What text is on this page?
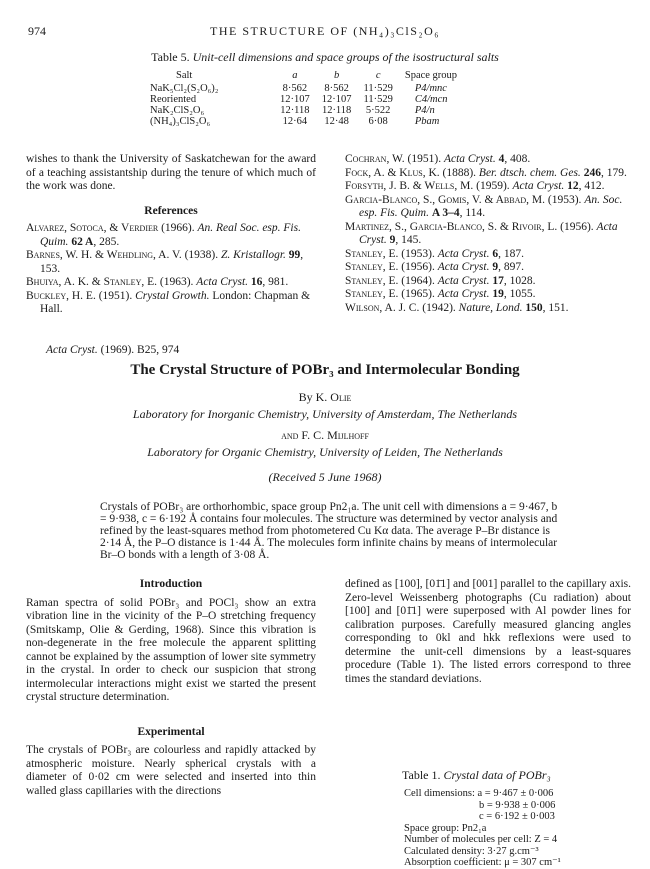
974	THE STRUCTURE OF (NH₄)₃ClS₂O₆
Table 5. Unit-cell dimensions and space groups of the isostructural salts
Salt	a	b	c	Space group
NaK₅Cl₂(S₂O₆)₂	8·562	8·562	11·529	P4/mnc
Reoriented	12·107	12·107	11·529	C4/mcn
NaK₂ClS₂O₆	12·118	12·118	5·522	P4/n
(NH₄)₃ClS₂O₆	12·64	12·48	6·08	Pbam

wishes to thank the University of Saskatchewan for the award of a teaching assistantship during the tenure of which much of the work was done.

References

Alvarez, Sotoca, & Verdier (1966). An. Real Soc. esp. Fis. Quim. 62 A, 285.

Barnes, W. H. & Wehdling, A. V. (1938). Z. Kristallogr. 99, 153.

Bhuiya, A. K. & Stanley, E. (1963). Acta Cryst. 16, 981.

Buckley, H. E. (1951). Crystal Growth. London: Chapman & Hall.

Cochran, W. (1951). Acta Cryst. 4, 408.

Fock, A. & Klus, K. (1888). Ber. dtsch. chem. Ges. 246, 179.

Forsyth, J. B. & Wells, M. (1959). Acta Cryst. 12, 412.

Garcia-Blanco, S., Gomis, V. & Abbad, M. (1953). An. Soc. esp. Fis. Quim. A 3–4, 114.

Martinez, S., Garcia-Blanco, S. & Rivoir, L. (1956). Acta Cryst. 9, 145.

Stanley, E. (1953). Acta Cryst. 6, 187.

Stanley, E. (1956). Acta Cryst. 9, 897.

Stanley, E. (1964). Acta Cryst. 17, 1028.

Stanley, E. (1965). Acta Cryst. 19, 1055.

Wilson, A. J. C. (1942). Nature, Lond. 150, 151.

Acta Cryst. (1969). B25, 974
The Crystal Structure of POBr₃ and Intermolecular Bonding
By K. Olie
Laboratory for Inorganic Chemistry, University of Amsterdam, The Netherlands
and F. C. Mijlhoff
Laboratory for Organic Chemistry, University of Leiden, The Netherlands
(Received 5 June 1968)
Crystals of POBr₃ are orthorhombic, space group Pn2₁a. The unit cell with dimensions a = 9·467, b = 9·938, c = 6·192 Å contains four molecules. The structure was determined by vector analysis and refined by the least-squares method from photometered Cu Kα data. The average P–Br distance is 2·14 Å, the P–O distance is 1·44 Å. The molecules form infinite chains by means of intermolecular Br–O bonds with a length of 3·08 Å.
Introduction

Raman spectra of solid POBr₃ and POCl₃ show an extra vibration line in the vicinity of the P–O stretching frequency (Smitskamp, Olie & Gerding, 1968). Since this vibration is non-degenerate in the free molecule the apparent splitting cannot be explained by the assumption of lower site symmetry in the crystal. In order to check our suspicion that strong intermolecular interactions might exist we started the present crystal structure determination.

Experimental

The crystals of POBr₃ are colourless and rapidly attacked by atmospheric moisture. Nearly spherical crystals with a diameter of 0·02 cm were selected and inserted into thin walled glass capillaries with the directions

defined as [100], [01̄1] and [001] parallel to the capillary axis. Zero-level Weissenberg photographs (Cu radiation) about [100] and [01̄1] were superposed with Al powder lines for calibration purposes. Carefully measured glancing angles corresponding to 0kl and hkk reflexions were used to determine the unit-cell dimensions by a least-squares procedure (Table 1). The listed errors correspond to three times the standard deviations.

Table 1. Crystal data of POBr₃
Cell dimensions: a = 9·467 ± 0·006
b = 9·938 ± 0·006
c = 6·192 ± 0·003
Space group: Pn2₁a
Number of molecules per cell: Z = 4
Calculated density: 3·27 g.cm⁻³
Absorption coefficient: μ = 307 cm⁻¹
